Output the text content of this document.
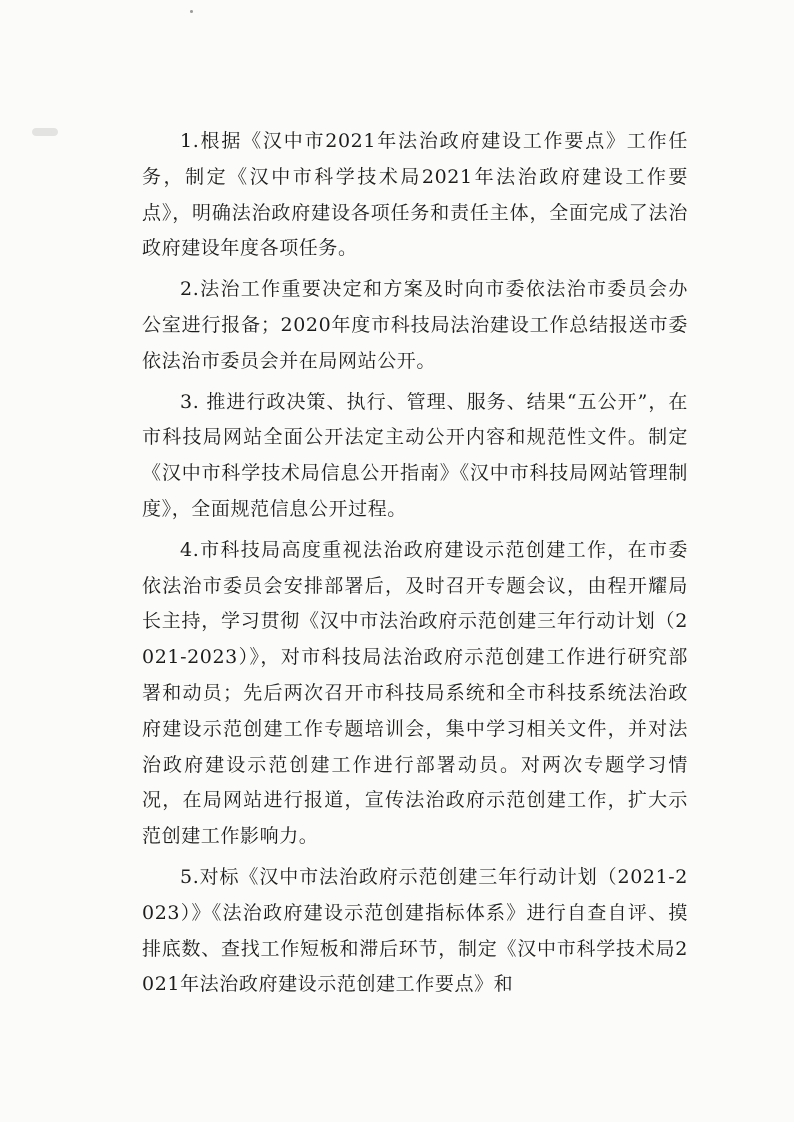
1.根据《汉中市2021年法治政府建设工作要点》工作任务，制定《汉中市科学技术局2021年法治政府建设工作要点》，明确法治政府建设各项任务和责任主体，全面完成了法治政府建设年度各项任务。

2.法治工作重要决定和方案及时向市委依法治市委员会办公室进行报备；2020年度市科技局法治建设工作总结报送市委依法治市委员会并在局网站公开。

3. 推进行政决策、执行、管理、服务、结果“五公开”，在市科技局网站全面公开法定主动公开内容和规范性文件。制定《汉中市科学技术局信息公开指南》《汉中市科技局网站管理制度》，全面规范信息公开过程。

4.市科技局高度重视法治政府建设示范创建工作，在市委依法治市委员会安排部署后，及时召开专题会议，由程开耀局长主持，学习贯彻《汉中市法治政府示范创建三年行动计划（2021-2023）》，对市科技局法治政府示范创建工作进行研究部署和动员；先后两次召开市科技局系统和全市科技系统法治政府建设示范创建工作专题培训会，集中学习相关文件，并对法治政府建设示范创建工作进行部署动员。对两次专题学习情况，在局网站进行报道，宣传法治政府示范创建工作，扩大示范创建工作影响力。

5.对标《汉中市法治政府示范创建三年行动计划（2021-2023）》《法治政府建设示范创建指标体系》进行自查自评、摸排底数、查找工作短板和滞后环节，制定《汉中市科学技术局2021年法治政府建设示范创建工作要点》和
